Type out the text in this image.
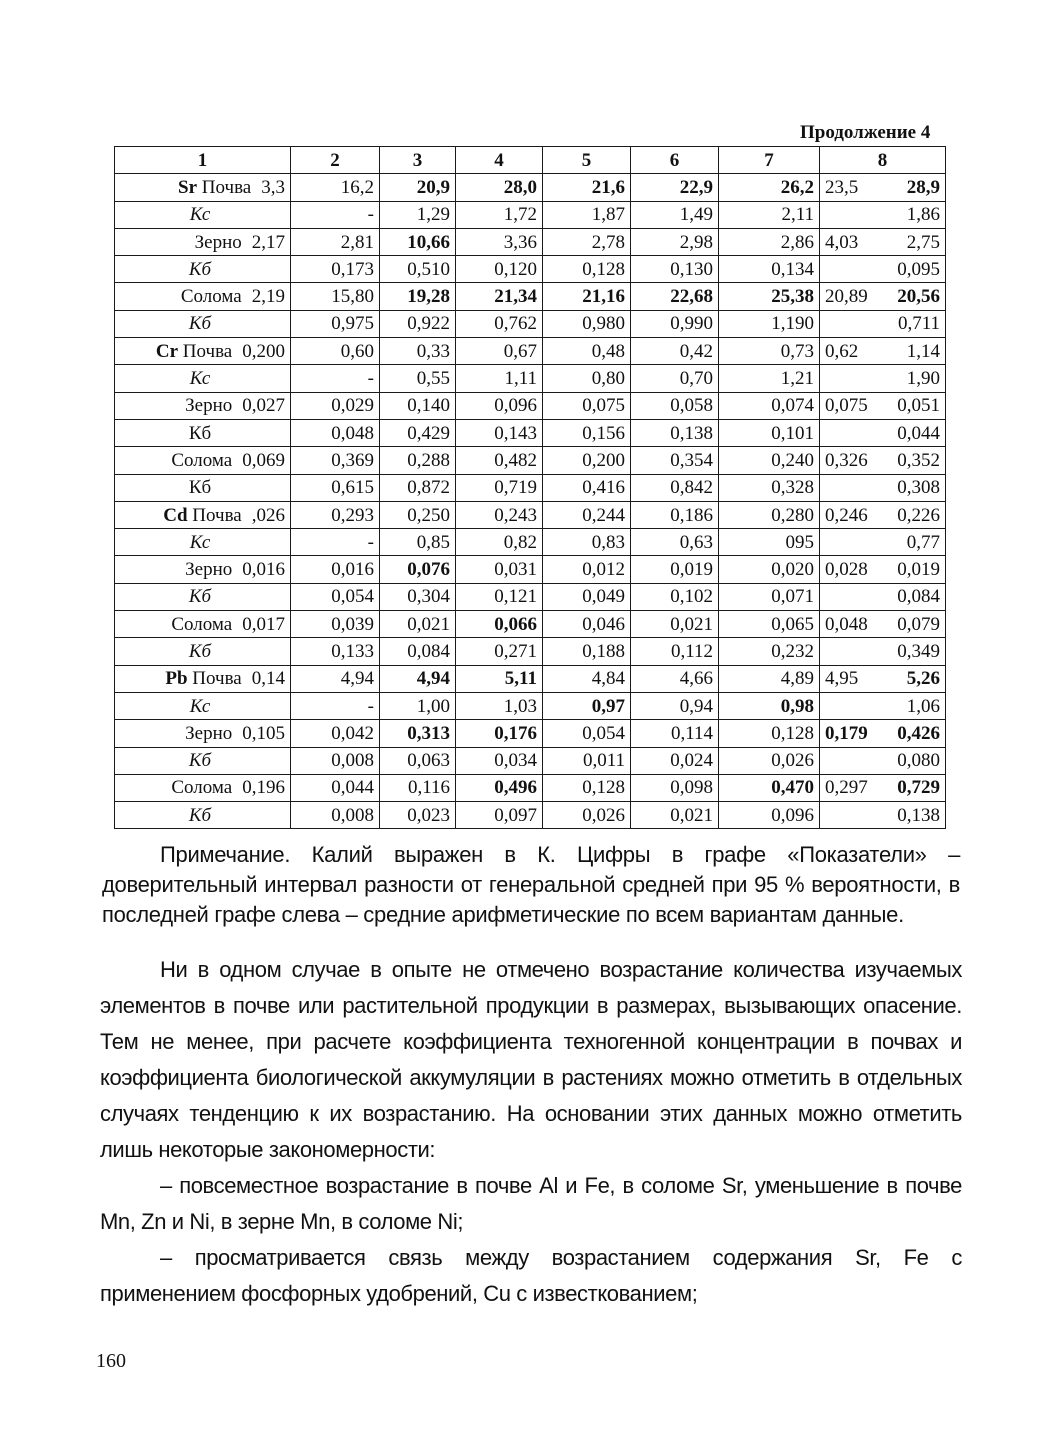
Продолжение 4
1	2	3	4	5	6	7	8
Sr Почва 3,3	16,2	20,9	28,0	21,6	22,9	26,2	23,5 28,9

Кс	-	1,29	1,72	1,87	1,49	2,11	1,86

Зерно 2,17	2,81	10,66	3,36	2,78	2,98	2,86	4,03 2,75

Кб	0,173	0,510	0,120	0,128	0,130	0,134	0,095

Солома 2,19	15,80	19,28	21,34	21,16	22,68	25,38	20,89 20,56

Кб	0,975	0,922	0,762	0,980	0,990	1,190	0,711

Cr Почва 0,200	0,60	0,33	0,67	0,48	0,42	0,73	0,62 1,14

Кс	-	0,55	1,11	0,80	0,70	1,21	1,90

Зерно 0,027	0,029	0,140	0,096	0,075	0,058	0,074	0,075 0,051

Кб	0,048	0,429	0,143	0,156	0,138	0,101	0,044

Солома 0,069	0,369	0,288	0,482	0,200	0,354	0,240	0,326 0,352

Кб	0,615	0,872	0,719	0,416	0,842	0,328	0,308

Cd Почва ,026	0,293	0,250	0,243	0,244	0,186	0,280	0,246 0,226

Кс	-	0,85	0,82	0,83	0,63	095	0,77

Зерно 0,016	0,016	0,076	0,031	0,012	0,019	0,020	0,028 0,019

Кб	0,054	0,304	0,121	0,049	0,102	0,071	0,084

Солома 0,017	0,039	0,021	0,066	0,046	0,021	0,065	0,048 0,079

Кб	0,133	0,084	0,271	0,188	0,112	0,232	0,349

Pb Почва 0,14	4,94	4,94	5,11	4,84	4,66	4,89	4,95 5,26

Кс	-	1,00	1,03	0,97	0,94	0,98	1,06

Зерно 0,105	0,042	0,313	0,176	0,054	0,114	0,128	0,179 0,426

Кб	0,008	0,063	0,034	0,011	0,024	0,026	0,080

Солома 0,196	0,044	0,116	0,496	0,128	0,098	0,470	0,297 0,729

Кб	0,008	0,023	0,097	0,026	0,021	0,096	0,138
Примечание. Калий выражен в К. Цифры в графе «Показатели» – доверительный интервал разности от генеральной средней при 95 % вероятности, в последней графе слева – средние арифметические по всем вариантам данные.

Ни в одном случае в опыте не отмечено возрастание количества изучаемых элементов в почве или растительной продукции в размерах, вызывающих опасение. Тем не менее, при расчете коэффициента техногенной концентрации в почвах и коэффициента биологической аккумуляции в растениях можно отметить в отдельных случаях тенденцию к их возрастанию. На основании этих данных можно отметить лишь некоторые закономерности:

– повсеместное возрастание в почве Al и Fe, в соломе Sr, уменьшение в почве Mn, Zn и Ni, в зерне Mn, в соломе Ni;

– просматривается связь между возрастанием содержания Sr, Fe с применением фосфорных удобрений, Cu с известкованием;

160
